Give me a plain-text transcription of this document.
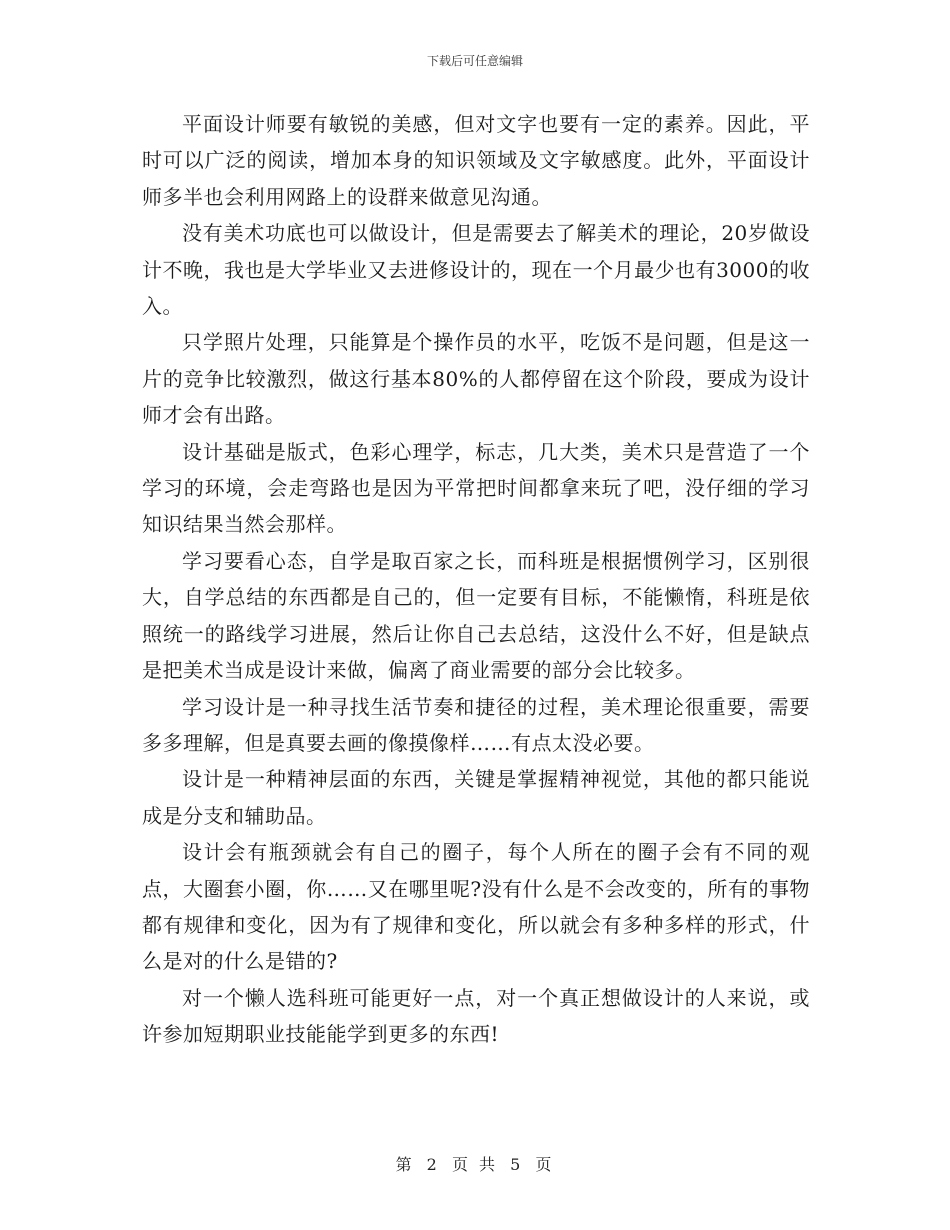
下载后可任意编辑

平面设计师要有敏锐的美感，但对文字也要有一定的素养。因此，平时可以广泛的阅读，增加本身的知识领域及文字敏感度。此外，平面设计师多半也会利用网路上的设群来做意见沟通。

没有美术功底也可以做设计，但是需要去了解美术的理论，20岁做设计不晚，我也是大学毕业又去进修设计的，现在一个月最少也有3000的收入。

只学照片处理，只能算是个操作员的水平，吃饭不是问题，但是这一片的竞争比较激烈，做这行基本80%的人都停留在这个阶段，要成为设计师才会有出路。

设计基础是版式，色彩心理学，标志，几大类，美术只是营造了一个学习的环境，会走弯路也是因为平常把时间都拿来玩了吧，没仔细的学习知识结果当然会那样。

学习要看心态，自学是取百家之长，而科班是根据惯例学习，区别很大，自学总结的东西都是自己的，但一定要有目标，不能懒惰，科班是依照统一的路线学习进展，然后让你自己去总结，这没什么不好，但是缺点是把美术当成是设计来做，偏离了商业需要的部分会比较多。

学习设计是一种寻找生活节奏和捷径的过程，美术理论很重要，需要多多理解，但是真要去画的像摸像样……有点太没必要。

设计是一种精神层面的东西，关键是掌握精神视觉，其他的都只能说成是分支和辅助品。

设计会有瓶颈就会有自己的圈子，每个人所在的圈子会有不同的观点，大圈套小圈，你……又在哪里呢?没有什么是不会改变的，所有的事物都有规律和变化，因为有了规律和变化，所以就会有多种多样的形式，什么是对的什么是错的?

对一个懒人选科班可能更好一点，对一个真正想做设计的人来说，或许参加短期职业技能能学到更多的东西!

第 2 页 共 5 页
